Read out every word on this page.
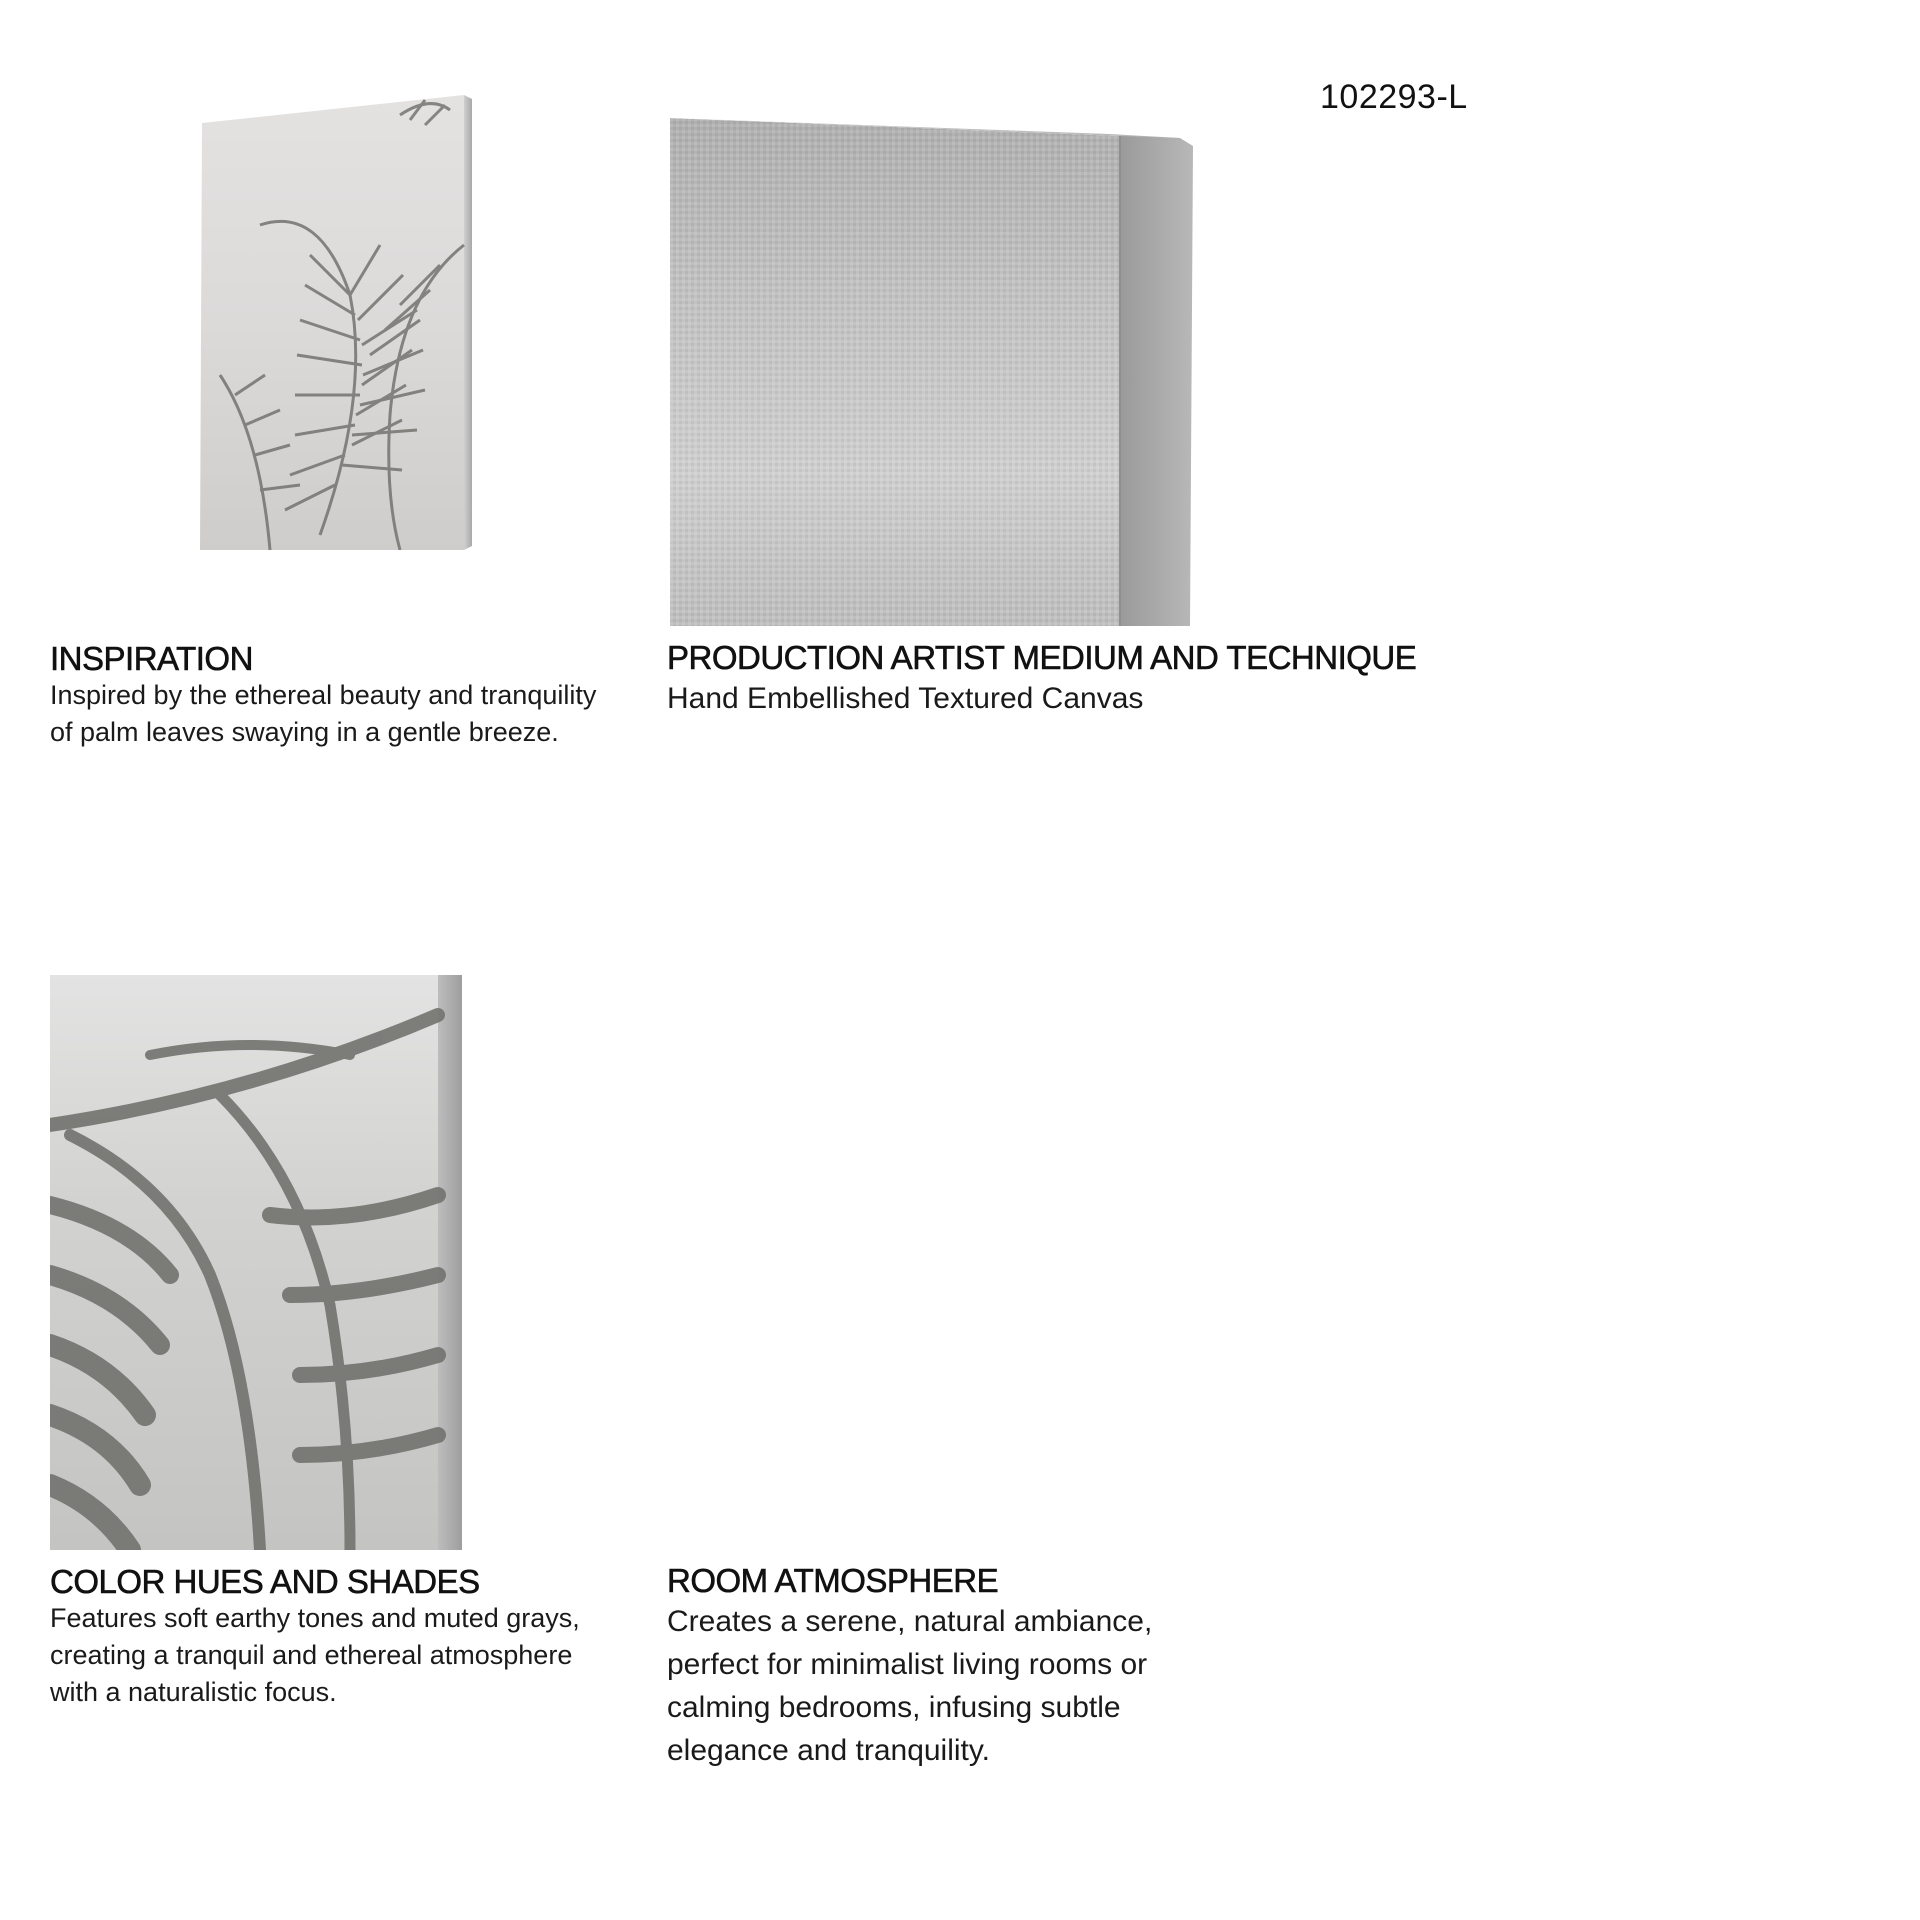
102293-L
INSPIRATION
Inspired by the ethereal beauty and tranquility
of palm leaves swaying in a gentle breeze.
PRODUCTION ARTIST MEDIUM AND TECHNIQUE
Hand Embellished Textured Canvas
COLOR HUES AND SHADES
Features soft earthy tones and muted grays,
creating a tranquil and ethereal atmosphere
with a naturalistic focus.
ROOM ATMOSPHERE
Creates a serene, natural ambiance,
perfect for minimalist living rooms or
calming bedrooms, infusing subtle
elegance and tranquility.
